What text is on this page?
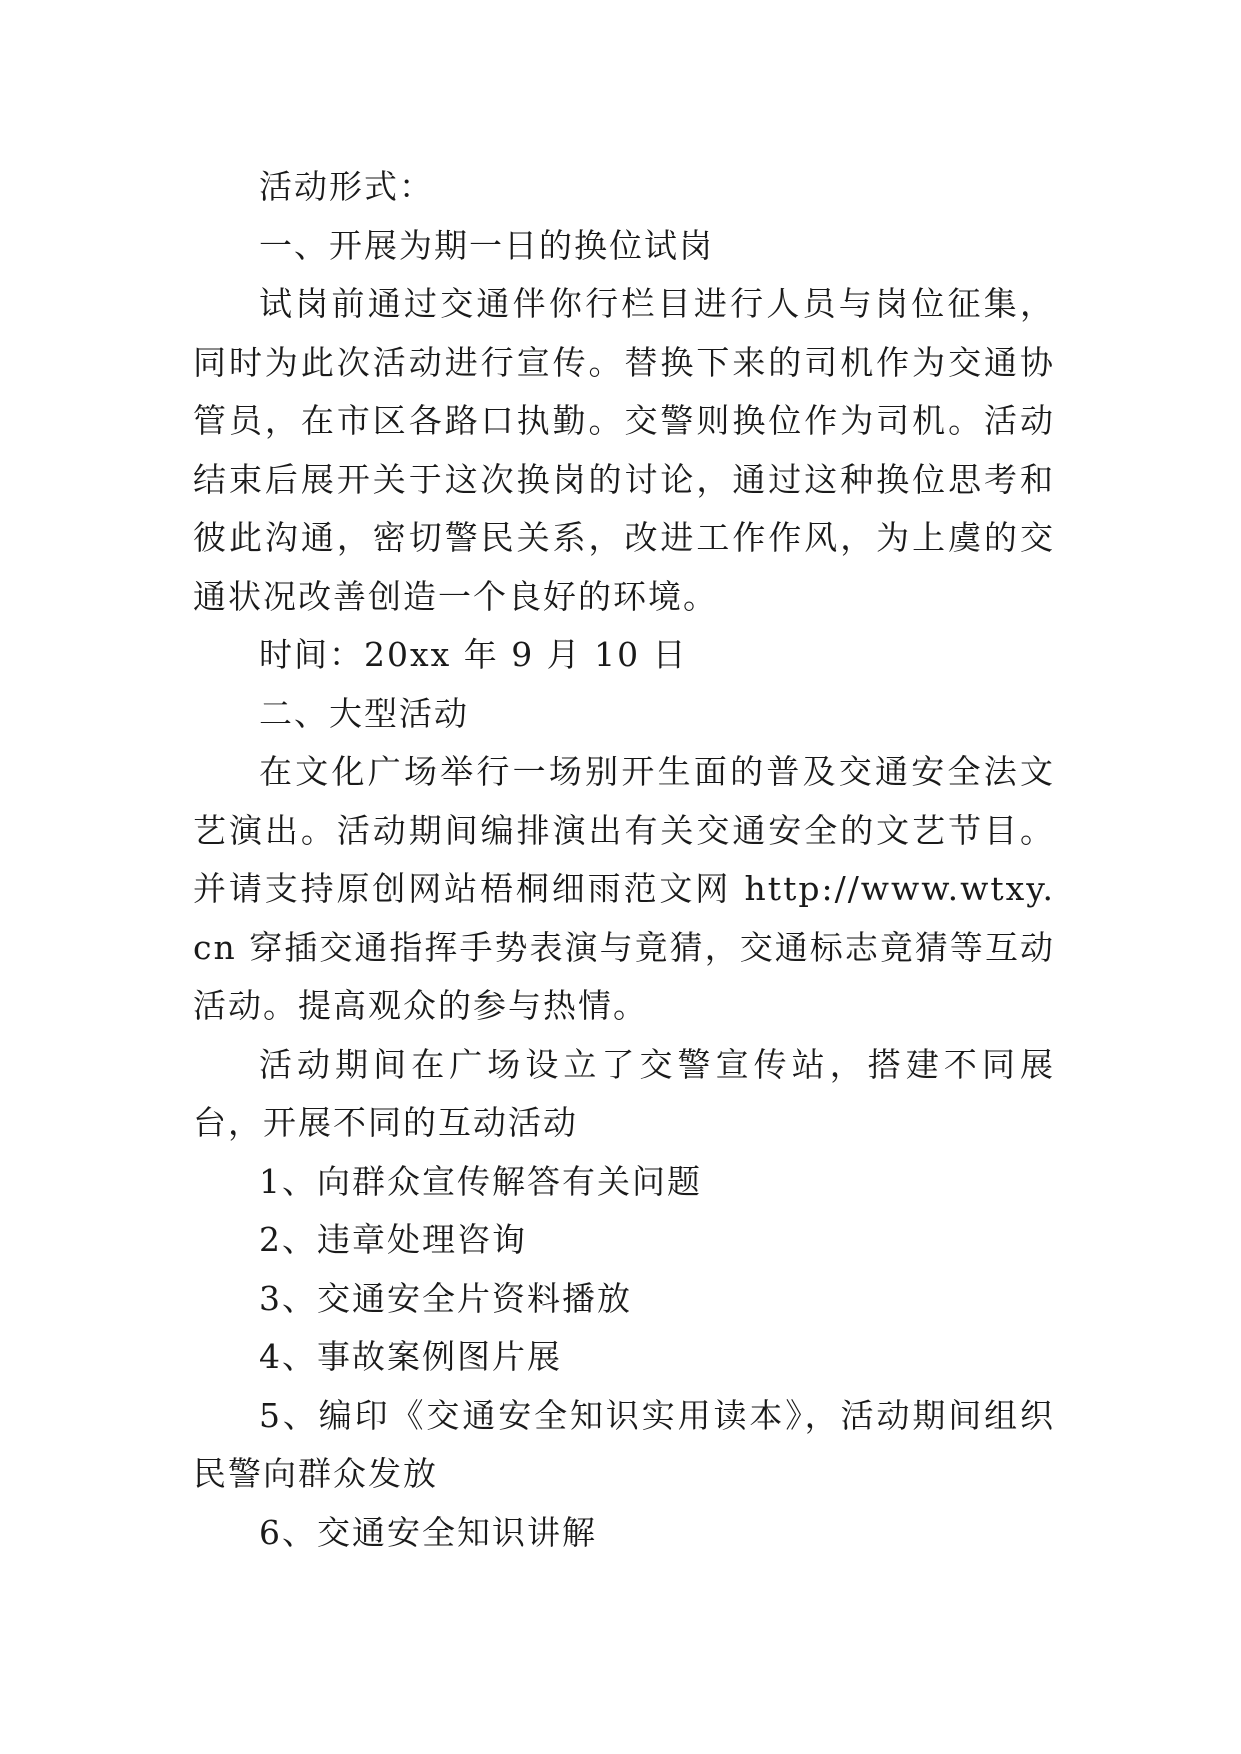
活动形式：

一、开展为期一日的换位试岗

试岗前通过交通伴你行栏目进行人员与岗位征集，同时为此次活动进行宣传。替换下来的司机作为交通协管员，在市区各路口执勤。交警则换位作为司机。活动结束后展开关于这次换岗的讨论，通过这种换位思考和彼此沟通，密切警民关系，改进工作作风，为上虞的交通状况改善创造一个良好的环境。

时间：20xx 年 9 月 10 日

二、大型活动

在文化广场举行一场别开生面的普及交通安全法文艺演出。活动期间编排演出有关交通安全的文艺节目。并请支持原创网站梧桐细雨范文网 http://www.wtxy.cn 穿插交通指挥手势表演与竟猜，交通标志竟猜等互动活动。提高观众的参与热情。

活动期间在广场设立了交警宣传站，搭建不同展台，开展不同的互动活动

1、向群众宣传解答有关问题

2、违章处理咨询

3、交通安全片资料播放

4、事故案例图片展

5、编印《交通安全知识实用读本》，活动期间组织民警向群众发放

6、交通安全知识讲解
